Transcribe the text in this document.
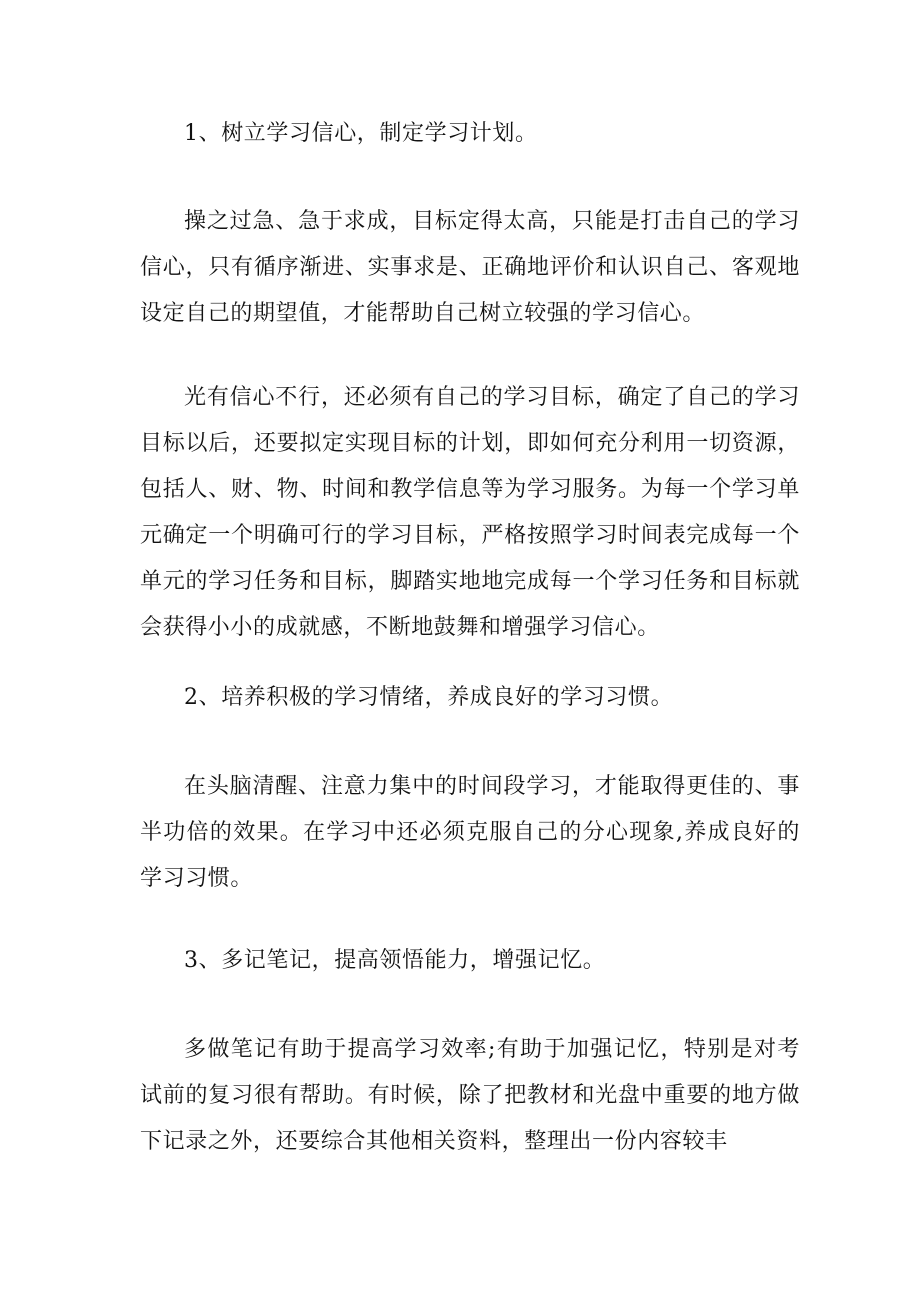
1、树立学习信心，制定学习计划。

操之过急、急于求成，目标定得太高，只能是打击自己的学习信心，只有循序渐进、实事求是、正确地评价和认识自己、客观地设定自己的期望值，才能帮助自己树立较强的学习信心。

光有信心不行，还必须有自己的学习目标，确定了自己的学习目标以后，还要拟定实现目标的计划，即如何充分利用一切资源，包括人、财、物、时间和教学信息等为学习服务。为每一个学习单元确定一个明确可行的学习目标，严格按照学习时间表完成每一个单元的学习任务和目标，脚踏实地地完成每一个学习任务和目标就会获得小小的成就感，不断地鼓舞和增强学习信心。

2、培养积极的学习情绪，养成良好的学习习惯。

在头脑清醒、注意力集中的时间段学习，才能取得更佳的、事半功倍的效果。在学习中还必须克服自己的分心现象,养成良好的学习习惯。

3、多记笔记，提高领悟能力，增强记忆。

多做笔记有助于提高学习效率;有助于加强记忆，特别是对考试前的复习很有帮助。有时候，除了把教材和光盘中重要的地方做下记录之外，还要综合其他相关资料，整理出一份内容较丰
